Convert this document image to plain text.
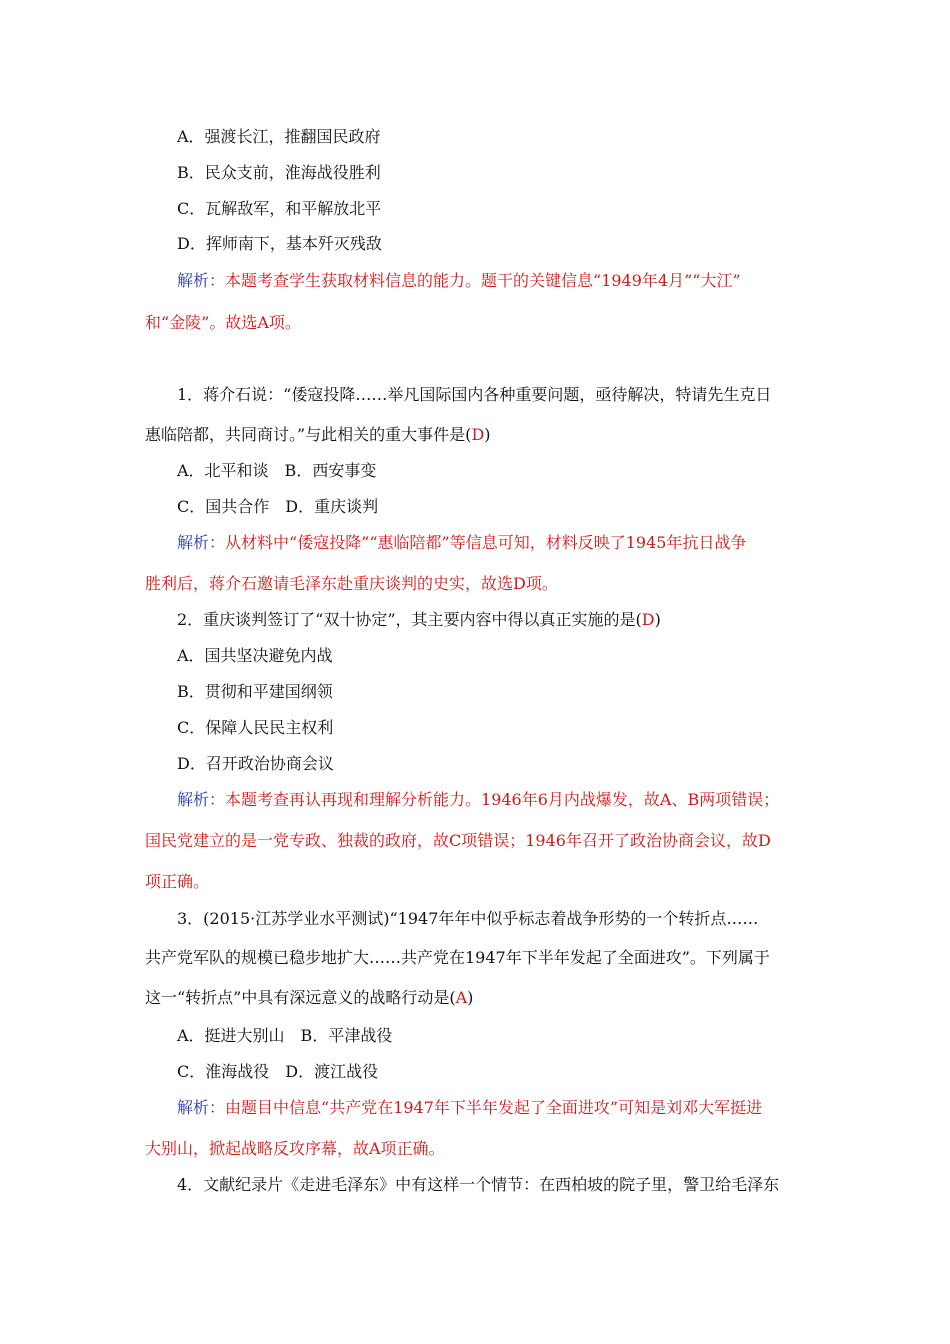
A．强渡长江，推翻国民政府
B．民众支前，淮海战役胜利
C．瓦解敌军，和平解放北平
D．挥师南下，基本歼灭残敌
解析：本题考查学生获取材料信息的能力。题干的关键信息“1949年4月”“大江”
和“金陵”。故选A项。
1．蒋介石说：“倭寇投降……举凡国际国内各种重要问题，亟待解决，特请先生克日
惠临陪都，共同商讨。”与此相关的重大事件是(D)
A．北平和谈　B．西安事变
C．国共合作　D．重庆谈判
解析：从材料中“倭寇投降”“惠临陪都”等信息可知，材料反映了1945年抗日战争
胜利后，蒋介石邀请毛泽东赴重庆谈判的史实，故选D项。
2．重庆谈判签订了“双十协定”，其主要内容中得以真正实施的是(D)
A．国共坚决避免内战
B．贯彻和平建国纲领
C．保障人民民主权利
D．召开政治协商会议
解析：本题考查再认再现和理解分析能力。1946年6月内战爆发，故A、B两项错误；
国民党建立的是一党专政、独裁的政府，故C项错误；1946年召开了政治协商会议，故D
项正确。
3．(2015·江苏学业水平测试)“1947年年中似乎标志着战争形势的一个转折点……
共产党军队的规模已稳步地扩大……共产党在1947年下半年发起了全面进攻”。下列属于
这一“转折点”中具有深远意义的战略行动是(A)
A．挺进大别山　B．平津战役
C．淮海战役　D．渡江战役
解析：由题目中信息“共产党在1947年下半年发起了全面进攻”可知是刘邓大军挺进
大别山，掀起战略反攻序幕，故A项正确。
4．文献纪录片《走进毛泽东》中有这样一个情节：在西柏坡的院子里，警卫给毛泽东
